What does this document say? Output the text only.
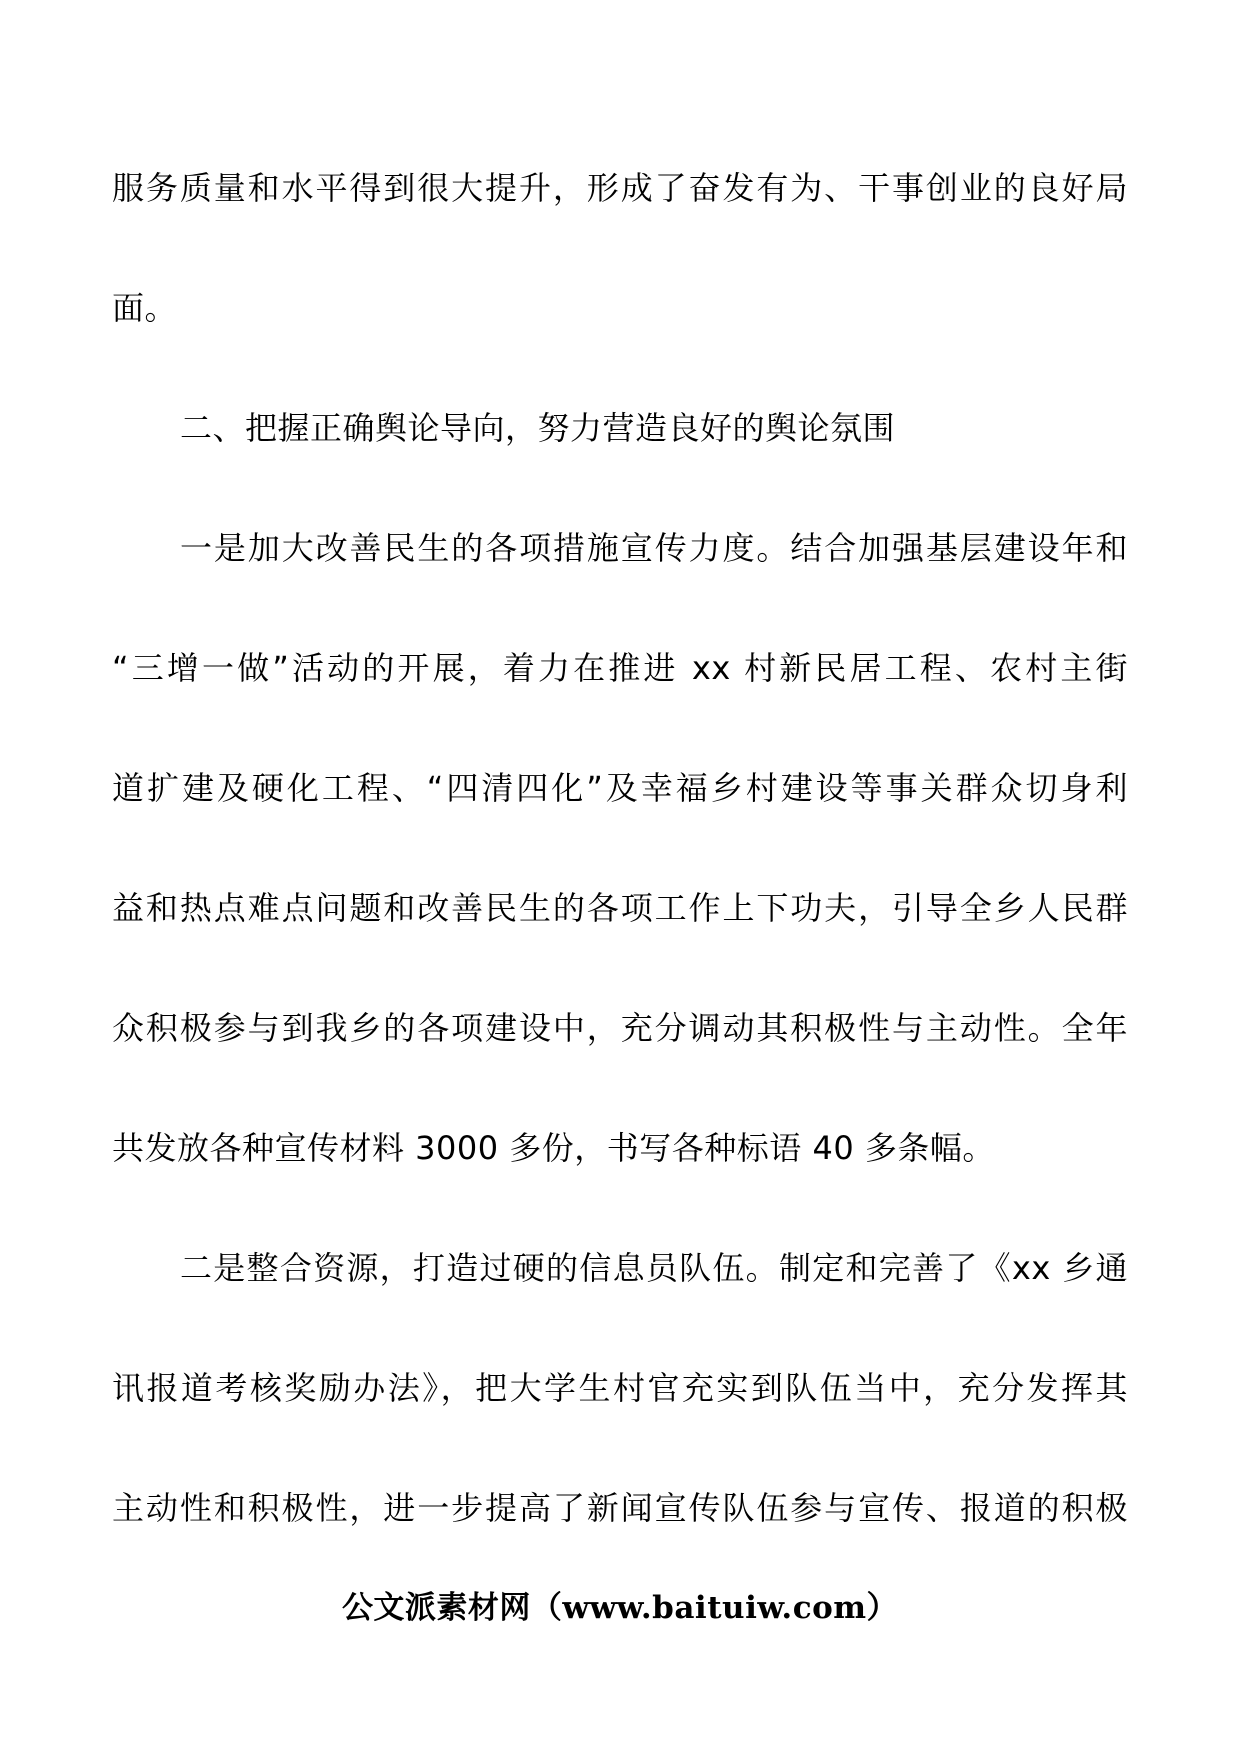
服务质量和水平得到很大提升，形成了奋发有为、干事创业的良好局
面。
二、把握正确舆论导向，努力营造良好的舆论氛围
一是加大改善民生的各项措施宣传力度。结合加强基层建设年和
“三增一做”活动的开展，着力在推进 xx 村新民居工程、农村主街
道扩建及硬化工程、“四清四化”及幸福乡村建设等事关群众切身利
益和热点难点问题和改善民生的各项工作上下功夫，引导全乡人民群
众积极参与到我乡的各项建设中，充分调动其积极性与主动性。全年
共发放各种宣传材料 3000 多份，书写各种标语 40 多条幅。
二是整合资源，打造过硬的信息员队伍。制定和完善了《xx 乡通
讯报道考核奖励办法》，把大学生村官充实到队伍当中，充分发挥其
主动性和积极性，进一步提高了新闻宣传队伍参与宣传、报道的积极
公文派素材网（www.baituiw.com）
